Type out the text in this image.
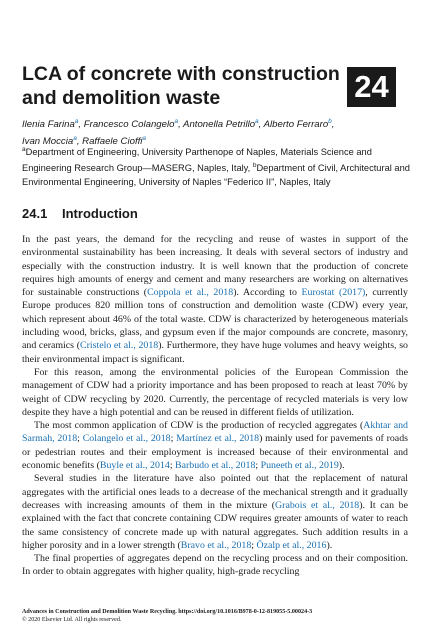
LCA of concrete with construction and demolition waste	24
Ilenia Farina$^a$, Francesco Colangelo$^a$, Antonella Petrillo$^a$, Alberto Ferraro$^b$,
Ivan Moccia$^a$, Raffaele Cioffi$^a$
$^a$Department of Engineering, University Parthenope of Naples, Materials Science and Engineering Research Group—MASERG, Naples, Italy, $^b$Department of Civil, Architectural and Environmental Engineering, University of Naples “Federico II”, Naples, Italy
24.1 Introduction

In the past years, the demand for the recycling and reuse of wastes in support of the environmental sustainability has been increasing. It deals with several sectors of industry and especially with the construction industry. It is well known that the production of concrete requires high amounts of energy and cement and many researchers are working on alternatives for sustainable constructions (Coppola et al., 2018). According to Eurostat (2017), currently Europe produces 820 million tons of construction and demolition waste (CDW) every year, which represent about 46% of the total waste. CDW is characterized by heterogeneous materials including wood, bricks, glass, and gypsum even if the major compounds are concrete, masonry, and ceramics (Cristelo et al., 2018). Furthermore, they have huge volumes and heavy weights, so their environmental impact is significant.

For this reason, among the environmental policies of the European Commission the management of CDW had a priority importance and has been proposed to reach at least 70% by weight of CDW recycling by 2020. Currently, the percentage of recycled materials is very low despite they have a high potential and can be reused in different fields of utilization.

The most common application of CDW is the production of recycled aggregates (Akhtar and Sarmah, 2018; Colangelo et al., 2018; Martínez et al., 2018) mainly used for pavements of roads or pedestrian routes and their employment is increased because of their environmental and economic benefits (Buyle et al., 2014; Barbudo et al., 2018; Puneeth et al., 2019).

Several studies in the literature have also pointed out that the replacement of natural aggregates with the artificial ones leads to a decrease of the mechanical strength and it gradually decreases with increasing amounts of them in the mixture (Grabois et al., 2018). It can be explained with the fact that concrete containing CDW requires greater amounts of water to reach the same consistency of concrete made up with natural aggregates. Such addition results in a higher porosity and in a lower strength (Bravo et al., 2018; Özalp et al., 2016).

The final properties of aggregates depend on the recycling process and on their composition. In order to obtain aggregates with higher quality, high-grade recycling

Advances in Construction and Demolition Waste Recycling. https://doi.org/10.1016/B978-0-12-819055-5.00024-3
© 2020 Elsevier Ltd. All rights reserved.
